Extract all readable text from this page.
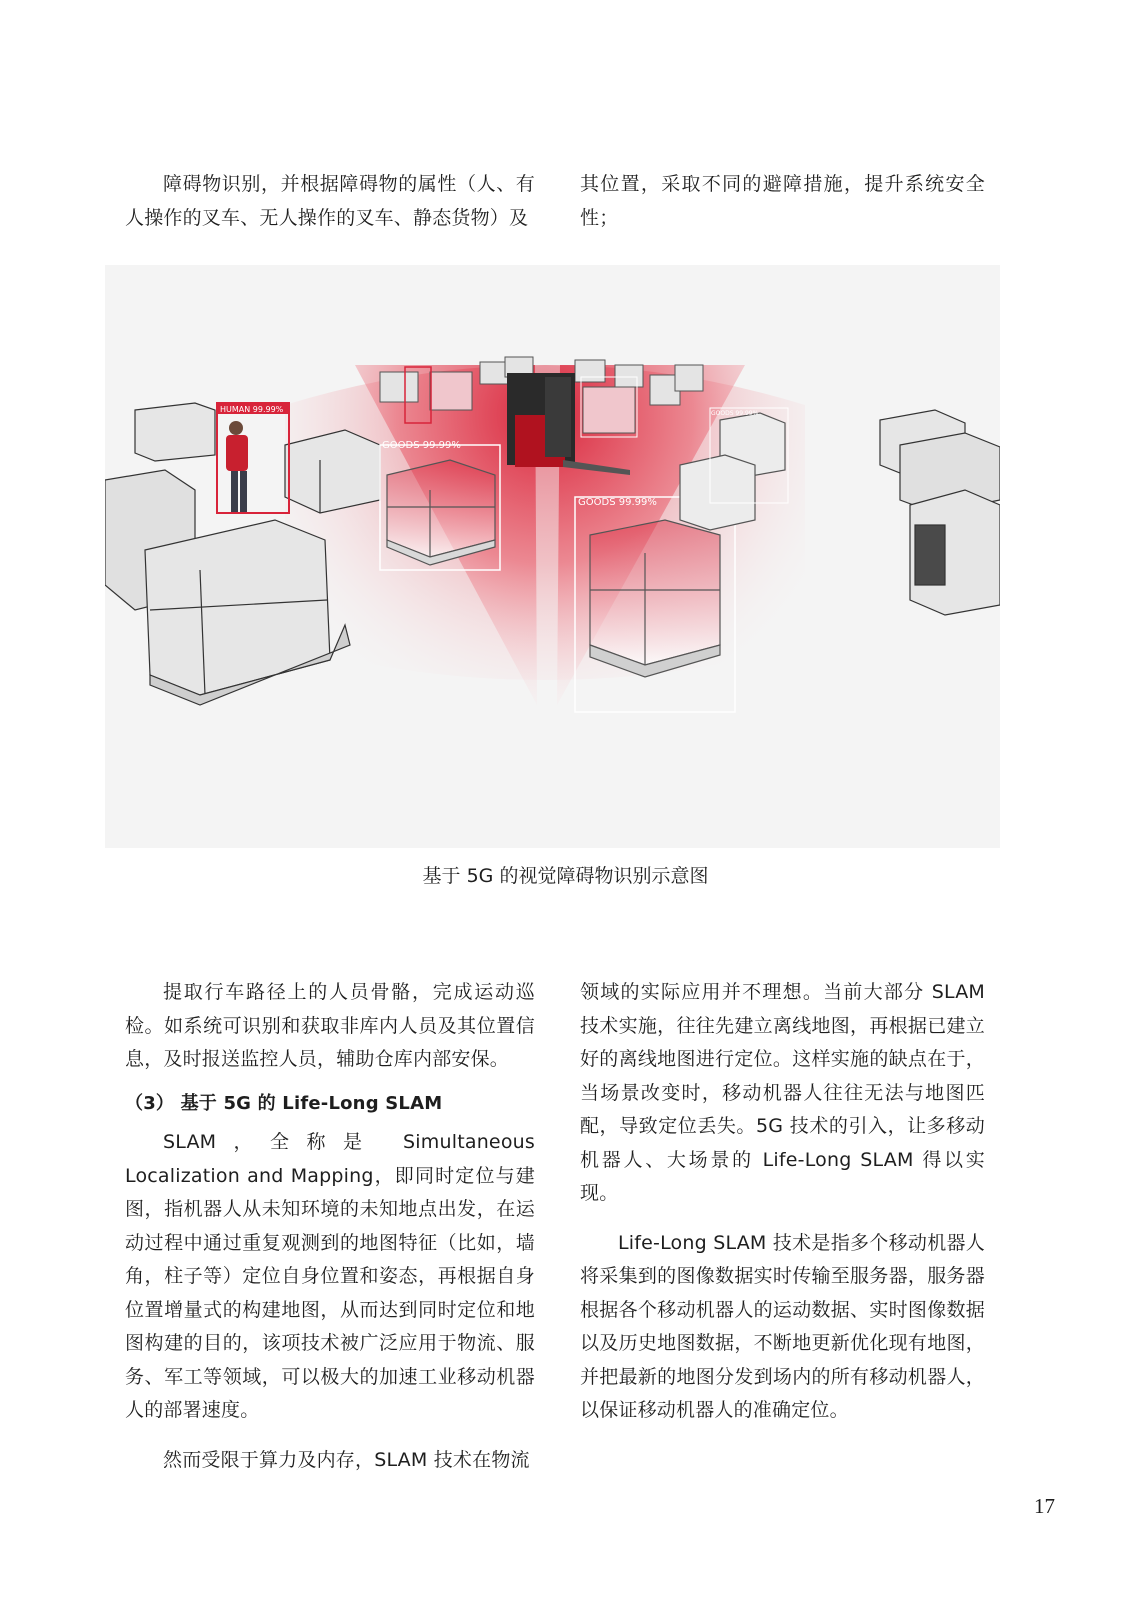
障碍物识别，并根据障碍物的属性（人、有人操作的叉车、无人操作的叉车、静态货物）及

其位置，采取不同的避障措施，提升系统安全性；

HUMAN 99.99%
GOODS 99.99%
GOODS 99.99%
GOODS 99.99%
基于 5G 的视觉障碍物识别示意图

提取行车路径上的人员骨骼，完成运动巡检。如系统可识别和获取非库内人员及其位置信息，及时报送监控人员，辅助仓库内部安保。

（3） 基于 5G 的 Life-Long SLAM

SLAM，全称是 Simultaneous Localization and Mapping，即同时定位与建图，指机器人从未知环境的未知地点出发，在运动过程中通过重复观测到的地图特征（比如，墙角，柱子等）定位自身位置和姿态，再根据自身位置增量式的构建地图，从而达到同时定位和地图构建的目的，该项技术被广泛应用于物流、服务、军工等领域，可以极大的加速工业移动机器人的部署速度。

然而受限于算力及内存，SLAM 技术在物流

领域的实际应用并不理想。当前大部分 SLAM 技术实施，往往先建立离线地图，再根据已建立好的离线地图进行定位。这样实施的缺点在于，当场景改变时，移动机器人往往无法与地图匹配，导致定位丢失。5G 技术的引入，让多移动机器人、大场景的 Life-Long SLAM 得以实现。

Life-Long SLAM 技术是指多个移动机器人将采集到的图像数据实时传输至服务器，服务器根据各个移动机器人的运动数据、实时图像数据以及历史地图数据，不断地更新优化现有地图，并把最新的地图分发到场内的所有移动机器人，以保证移动机器人的准确定位。

17
